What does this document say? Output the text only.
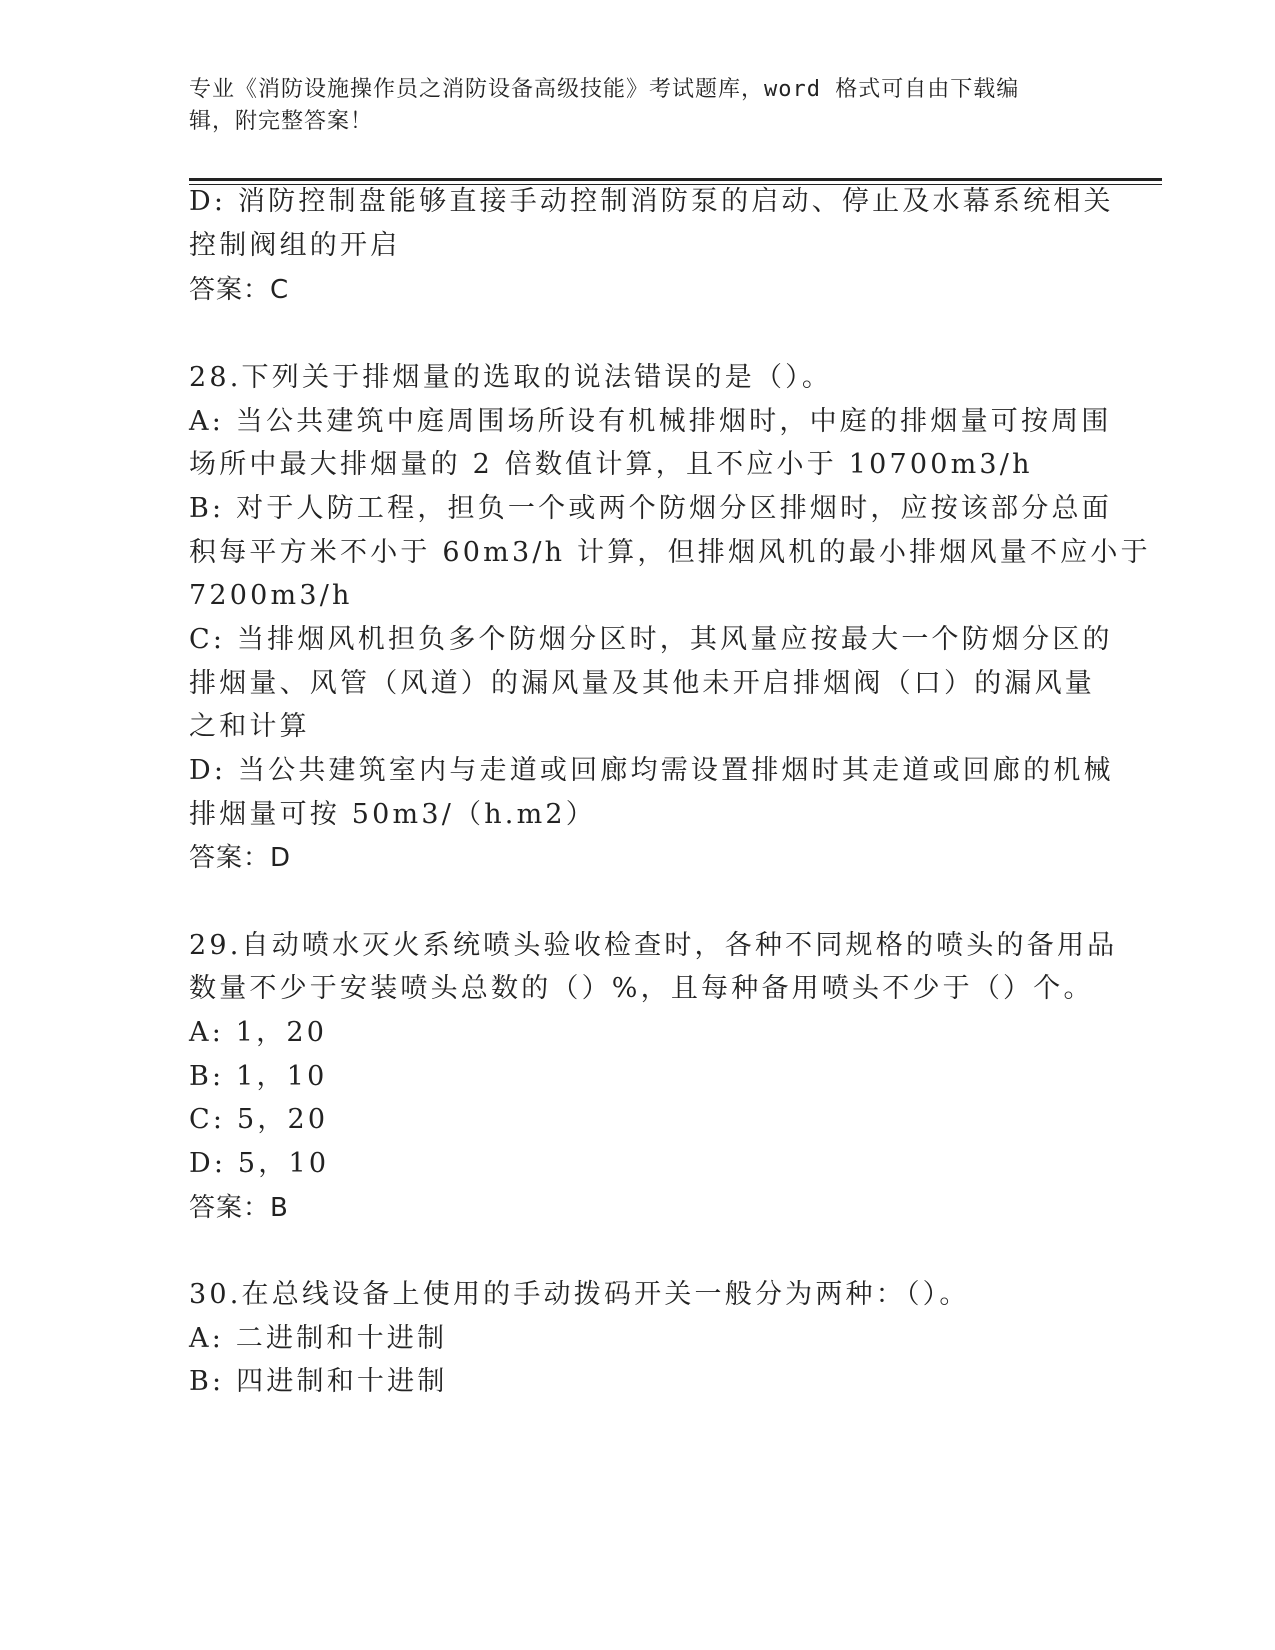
专业《消防设施操作员之消防设备高级技能》考试题库，word 格式可自由下载编
辑，附完整答案！
D: 消防控制盘能够直接手动控制消防泵的启动、停止及水幕系统相关
控制阀组的开启
答案：C
28.下列关于排烟量的选取的说法错误的是（）。
A: 当公共建筑中庭周围场所设有机械排烟时，中庭的排烟量可按周围
场所中最大排烟量的 2 倍数值计算，且不应小于 10700m3/h
B: 对于人防工程，担负一个或两个防烟分区排烟时，应按该部分总面
积每平方米不小于 60m3/h 计算，但排烟风机的最小排烟风量不应小于
7200m3/h
C: 当排烟风机担负多个防烟分区时，其风量应按最大一个防烟分区的
排烟量、风管（风道）的漏风量及其他未开启排烟阀（口）的漏风量
之和计算
D: 当公共建筑室内与走道或回廊均需设置排烟时其走道或回廊的机械
排烟量可按 50m3/（h.m2）
答案：D
29.自动喷水灭火系统喷头验收检查时，各种不同规格的喷头的备用品
数量不少于安装喷头总数的（）%，且每种备用喷头不少于（）个。
A: 1，20
B: 1，10
C: 5，20
D: 5，10
答案：B
30.在总线设备上使用的手动拨码开关一般分为两种：（）。
A: 二进制和十进制
B: 四进制和十进制
